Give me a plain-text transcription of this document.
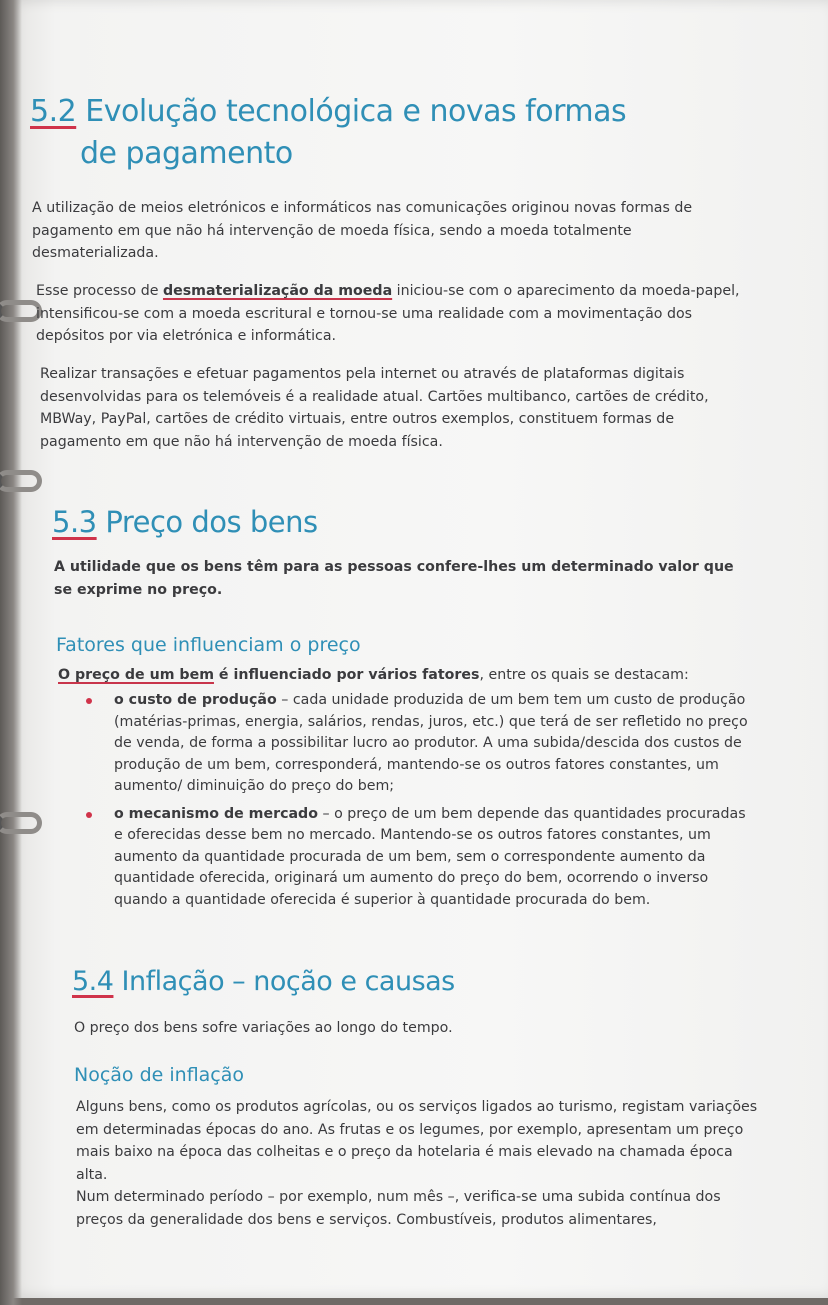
5.2 Evolução tecnológica e novas formas
de pagamento
A utilização de meios eletrónicos e informáticos nas comunicações originou novas formas de pagamento em que não há intervenção de moeda física, sendo a moeda totalmente desmaterializada.
Esse processo de desmaterialização da moeda iniciou-se com o aparecimento da moeda-papel, intensificou-se com a moeda escritural e tornou-se uma realidade com a movimentação dos depósitos por via eletrónica e informática.
Realizar transações e efetuar pagamentos pela internet ou através de plataformas digitais desenvolvidas para os telemóveis é a realidade atual. Cartões multibanco, cartões de crédito, MBWay, PayPal, cartões de crédito virtuais, entre outros exemplos, constituem formas de pagamento em que não há intervenção de moeda física.
5.3 Preço dos bens
A utilidade que os bens têm para as pessoas confere-lhes um determinado valor que se exprime no preço.
Fatores que influenciam o preço
O preço de um bem é influenciado por vários fatores, entre os quais se destacam:
o custo de produção – cada unidade produzida de um bem tem um custo de produção (matérias-primas, energia, salários, rendas, juros, etc.) que terá de ser refletido no preço de venda, de forma a possibilitar lucro ao produtor. A uma subida/descida dos custos de produção de um bem, corresponderá, mantendo-se os outros fatores constantes, um aumento/ diminuição do preço do bem;
o mecanismo de mercado – o preço de um bem depende das quantidades procuradas e oferecidas desse bem no mercado. Mantendo-se os outros fatores constantes, um aumento da quantidade procurada de um bem, sem o correspondente aumento da quantidade oferecida, originará um aumento do preço do bem, ocorrendo o inverso quando a quantidade oferecida é superior à quantidade procurada do bem.
5.4 Inflação – noção e causas
O preço dos bens sofre variações ao longo do tempo.
Noção de inflação
Alguns bens, como os produtos agrícolas, ou os serviços ligados ao turismo, registam variações em determinadas épocas do ano. As frutas e os legumes, por exemplo, apresentam um preço mais baixo na época das colheitas e o preço da hotelaria é mais elevado na chamada época alta.
Num determinado período – por exemplo, num mês –, verifica-se uma subida contínua dos preços da generalidade dos bens e serviços. Combustíveis, produtos alimentares,
